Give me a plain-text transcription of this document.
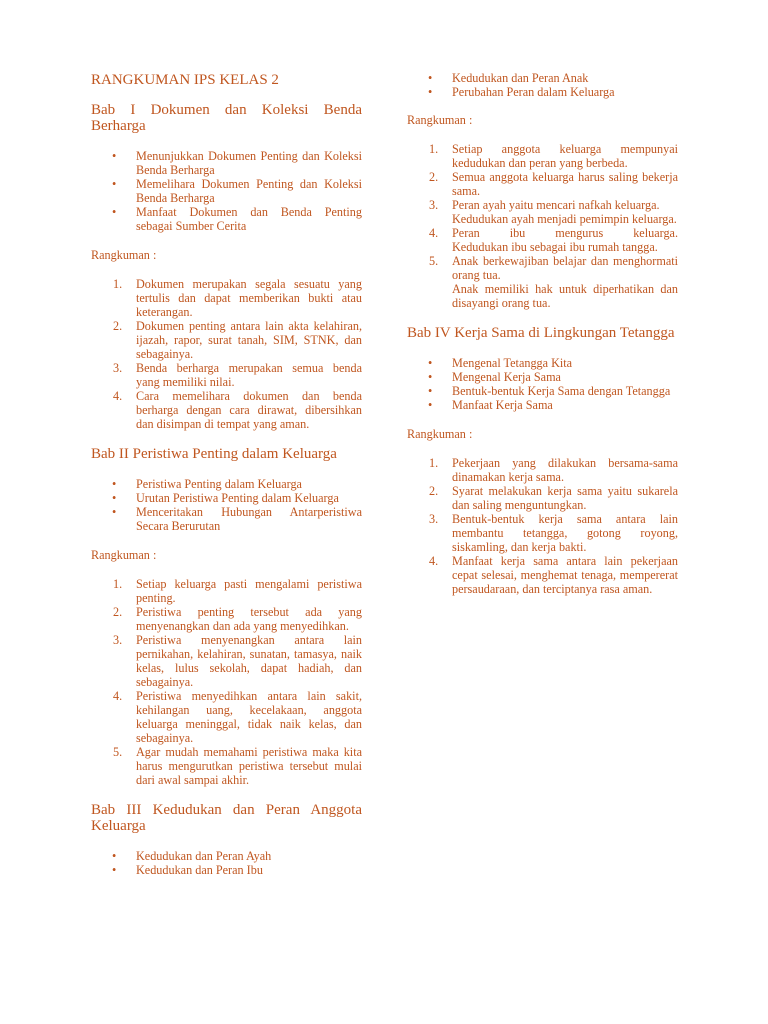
RANGKUMAN IPS KELAS 2
Bab I Dokumen dan Koleksi Benda Berharga
• Menunjukkan Dokumen Penting dan Koleksi Benda Berharga
• Memelihara Dokumen Penting dan Koleksi Benda Berharga
• Manfaat Dokumen dan Benda Penting sebagai Sumber Cerita
Rangkuman :
1. Dokumen merupakan segala sesuatu yang tertulis dan dapat memberikan bukti atau keterangan.
2. Dokumen penting antara lain akta kelahiran, ijazah, rapor, surat tanah, SIM, STNK, dan sebagainya.
3. Benda berharga merupakan semua benda yang memiliki nilai.
4. Cara memelihara dokumen dan benda berharga dengan cara dirawat, dibersihkan dan disimpan di tempat yang aman.
Bab II Peristiwa Penting dalam Keluarga
• Peristiwa Penting dalam Keluarga
• Urutan Peristiwa Penting dalam Keluarga
• Menceritakan Hubungan Antarperistiwa Secara Berurutan
Rangkuman :
1. Setiap keluarga pasti mengalami peristiwa penting.
2. Peristiwa penting tersebut ada yang menyenangkan dan ada yang menyedihkan.
3. Peristiwa menyenangkan antara lain pernikahan, kelahiran, sunatan, tamasya, naik kelas, lulus sekolah, dapat hadiah, dan sebagainya.
4. Peristiwa menyedihkan antara lain sakit, kehilangan uang, kecelakaan, anggota keluarga meninggal, tidak naik kelas, dan sebagainya.
5. Agar mudah memahami peristiwa maka kita harus mengurutkan peristiwa tersebut mulai dari awal sampai akhir.
Bab III Kedudukan dan Peran Anggota Keluarga
• Kedudukan dan Peran Ayah
• Kedudukan dan Peran Ibu
• Kedudukan dan Peran Anak
• Perubahan Peran dalam Keluarga
Rangkuman :
1. Setiap anggota keluarga mempunyai kedudukan dan peran yang berbeda.
2. Semua anggota keluarga harus saling bekerja sama.
3. Peran ayah yaitu mencari nafkah keluarga.
Kedudukan ayah menjadi pemimpin keluarga.
4. Peran ibu mengurus keluarga.
Kedudukan ibu sebagai ibu rumah tangga.
5. Anak berkewajiban belajar dan menghormati orang tua.
Anak memiliki hak untuk diperhatikan dan disayangi orang tua.
Bab IV Kerja Sama di Lingkungan Tetangga
• Mengenal Tetangga Kita
• Mengenal Kerja Sama
• Bentuk-bentuk Kerja Sama dengan Tetangga
• Manfaat Kerja Sama
Rangkuman :
1. Pekerjaan yang dilakukan bersama-sama dinamakan kerja sama.
2. Syarat melakukan kerja sama yaitu sukarela dan saling menguntungkan.
3. Bentuk-bentuk kerja sama antara lain membantu tetangga, gotong royong, siskamling, dan kerja bakti.
4. Manfaat kerja sama antara lain pekerjaan cepat selesai, menghemat tenaga, mempererat persaudaraan, dan terciptanya rasa aman.
